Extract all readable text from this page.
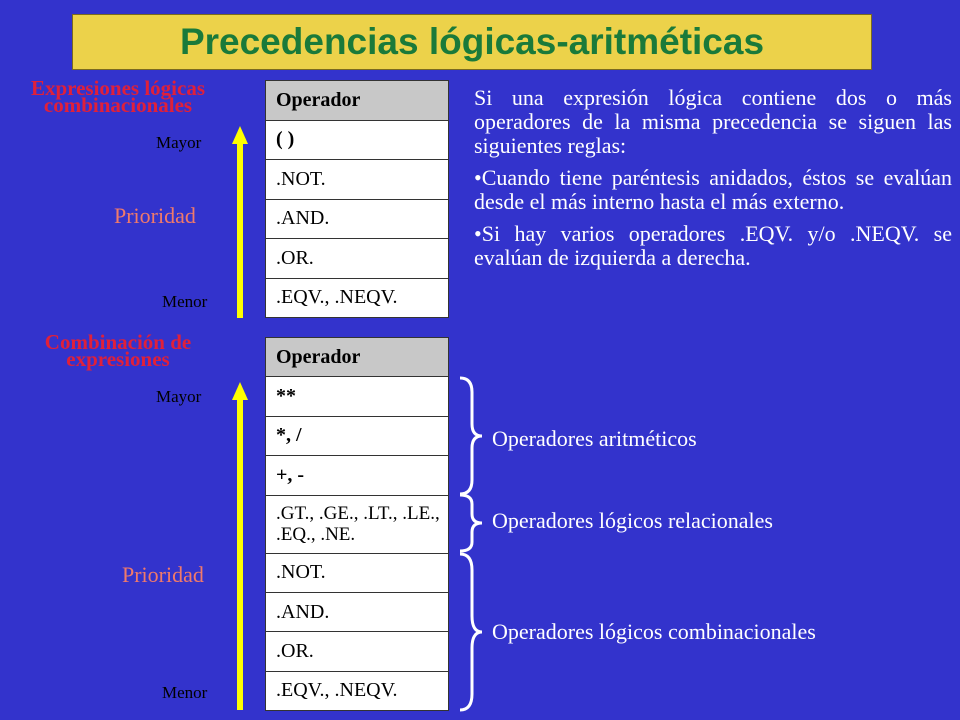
Precedencias lógicas-aritméticas
Expresiones lógicas combinacionales
Mayor
Menor
Prioridad
Operador
( )
.NOT.
.AND.
.OR.
.EQV., .NEQV.

Si una expresión lógica contiene dos o más operadores de la misma precedencia se siguen las siguientes reglas:

•Cuando tiene paréntesis anidados, éstos se evalúan desde el más interno hasta el más externo.

•Si hay varios operadores .EQV. y/o .NEQV. se evalúan de izquierda a derecha.

Combinación de expresiones
Mayor
Menor
Prioridad
Operador
**
*, /
+, -
.GT., .GE., .LT., .LE., .EQ., .NE.
.NOT.
.AND.
.OR.
.EQV., .NEQV.
Operadores aritméticos
Operadores lógicos relacionales
Operadores lógicos combinacionales
